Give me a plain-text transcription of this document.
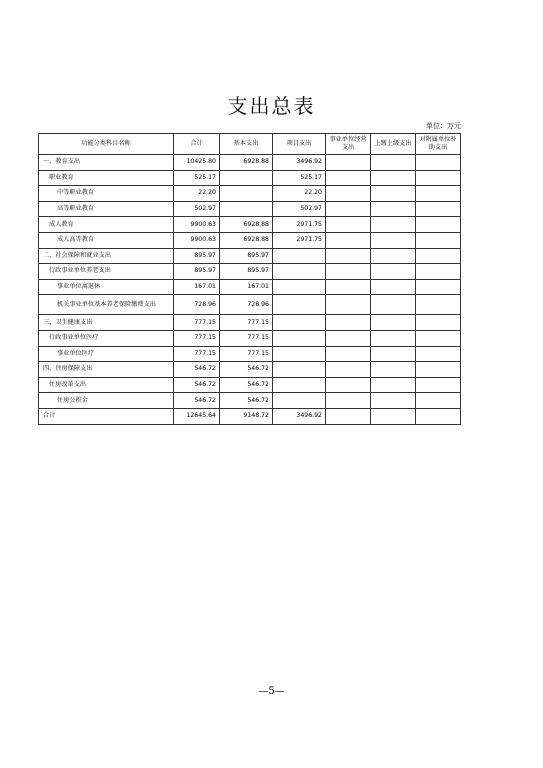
支出总表
单位：万元
功能分类科目名称	合计	基本支出	项目支出	事业单位经营支出	上缴上级支出	对附属单位补助支出
一、教育支出	10425.80	6928.88	3496.92			
职业教育	525.17		525.17			
中等职业教育	22.20		22.20			
高等职业教育	502.97		502.97			
成人教育	9900.63	6928.88	2971.75			
成人高等教育	9900.63	6928.88	2971.75			
二、社会保障和就业支出	895.97	895.97				
行政事业单位养老支出	895.97	895.97				
事业单位离退休	167.01	167.01				
机关事业单位基本养老保险缴费支出	728.96	728.96				
三、卫生健康支出	777.15	777.15				
行政事业单位医疗	777.15	777.15				
事业单位医疗	777.15	777.15				
四、住房保障支出	546.72	546.72				
住房改革支出	546.72	546.72				
住房公积金	546.72	546.72				
合计	12645.64	9148.72	3496.92			
—5—
